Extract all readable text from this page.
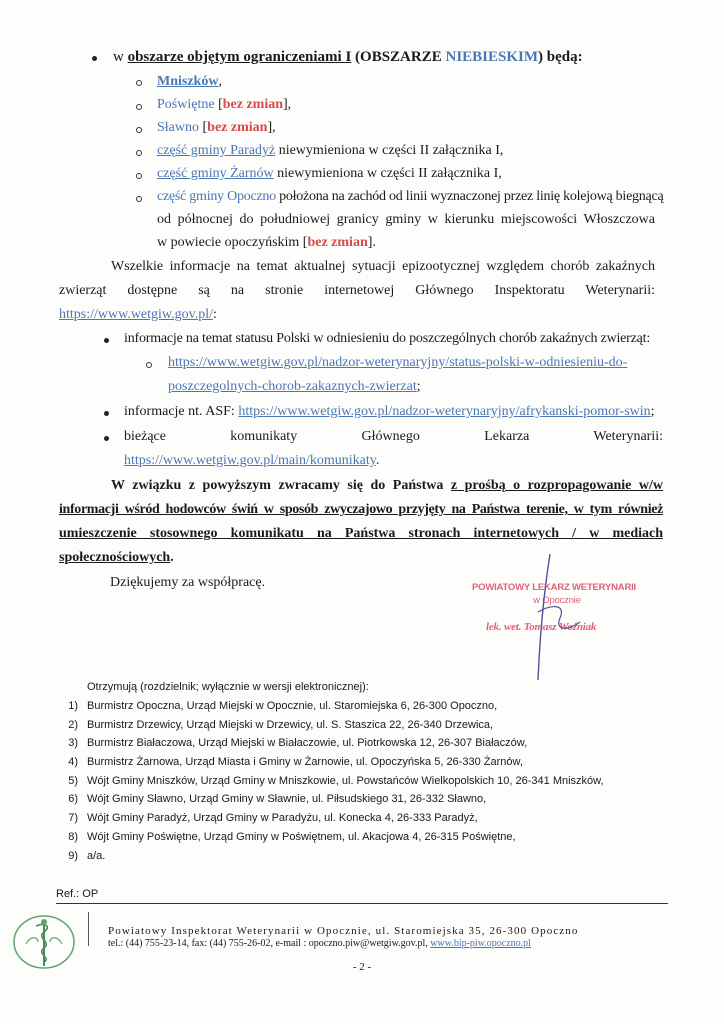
w obszarze objętym ograniczeniami I (OBSZARZE NIEBIESKIM) będą:
Mniszków,
Poświętne [bez zmian],
Sławno [bez zmian],
część gminy Paradyż niewymieniona w części II załącznika I,
część gminy Żarnów niewymieniona w części II załącznika I,
część gminy Opoczno położona na zachód od linii wyznaczonej przez linię kolejową biegnącą
od północnej do południowej granicy gminy w kierunku miejscowości Włoszczowa
w powiecie opoczyńskim [bez zmian].
Wszelkie informacje na temat aktualnej sytuacji epizootycznej względem chorób zakaźnych
zwierząt dostępne są na stronie internetowej Głównego Inspektoratu Weterynarii:
https://www.wetgiw.gov.pl/:
informacje na temat statusu Polski w odniesieniu do poszczególnych chorób zakaźnych zwierząt:
https://www.wetgiw.gov.pl/nadzor-weterynaryjny/status-polski-w-odniesieniu-do-
poszczegolnych-chorob-zakaznych-zwierzat;
informacje nt. ASF: https://www.wetgiw.gov.pl/nadzor-weterynaryjny/afrykanski-pomor-swin;
bieżące komunikaty Głównego Lekarza Weterynarii:
https://www.wetgiw.gov.pl/main/komunikaty.
W związku z powyższym zwracamy się do Państwa z prośbą o rozpropagowanie w/w
informacji wśród hodowców świń w sposób zwyczajowo przyjęty na Państwa terenie, w tym również
umieszczenie stosownego komunikatu na Państwa stronach internetowych / w mediach
społecznościowych.
Dziękujemy za współpracę.	POWIATOWY LEKARZ WETERYNARII
w Opocznie
lek. wet. Tomasz Woźniak
Otrzymują (rozdzielnik; wyłącznie w wersji elektronicznej):
1) Burmistrz Opoczna, Urząd Miejski w Opocznie, ul. Staromiejska 6, 26-300 Opoczno,
2) Burmistrz Drzewicy, Urząd Miejski w Drzewicy, ul. S. Staszica 22, 26-340 Drzewica,
3) Burmistrz Białaczowa, Urząd Miejski w Białaczowie, ul. Piotrkowska 12, 26-307 Białaczów,
4) Burmistrz Żarnowa, Urząd Miasta i Gminy w Żarnowie, ul. Opoczyńska 5, 26-330 Żarnów,
5) Wójt Gminy Mniszków, Urząd Gminy w Mniszkowie, ul. Powstańców Wielkopolskich 10, 26-341 Mniszków,
6) Wójt Gminy Sławno, Urząd Gminy w Sławnie, ul. Piłsudskiego 31, 26-332 Sławno,
7) Wójt Gminy Paradyż, Urząd Gminy w Paradyżu, ul. Konecka 4, 26-333 Paradyż,
8) Wójt Gminy Poświętne, Urząd Gminy w Poświętnem, ul. Akacjowa 4, 26-315 Poświętne,
9) a/a.
Ref.: OP
Powiatowy Inspektorat Weterynarii w Opocznie, ul. Staromiejska 35, 26-300 Opoczno
tel.: (44) 755-23-14, fax: (44) 755-26-02, e-mail : opoczno.piw@wetgiw.gov.pl, www.bip-piw.opoczno.pl
- 2 -
